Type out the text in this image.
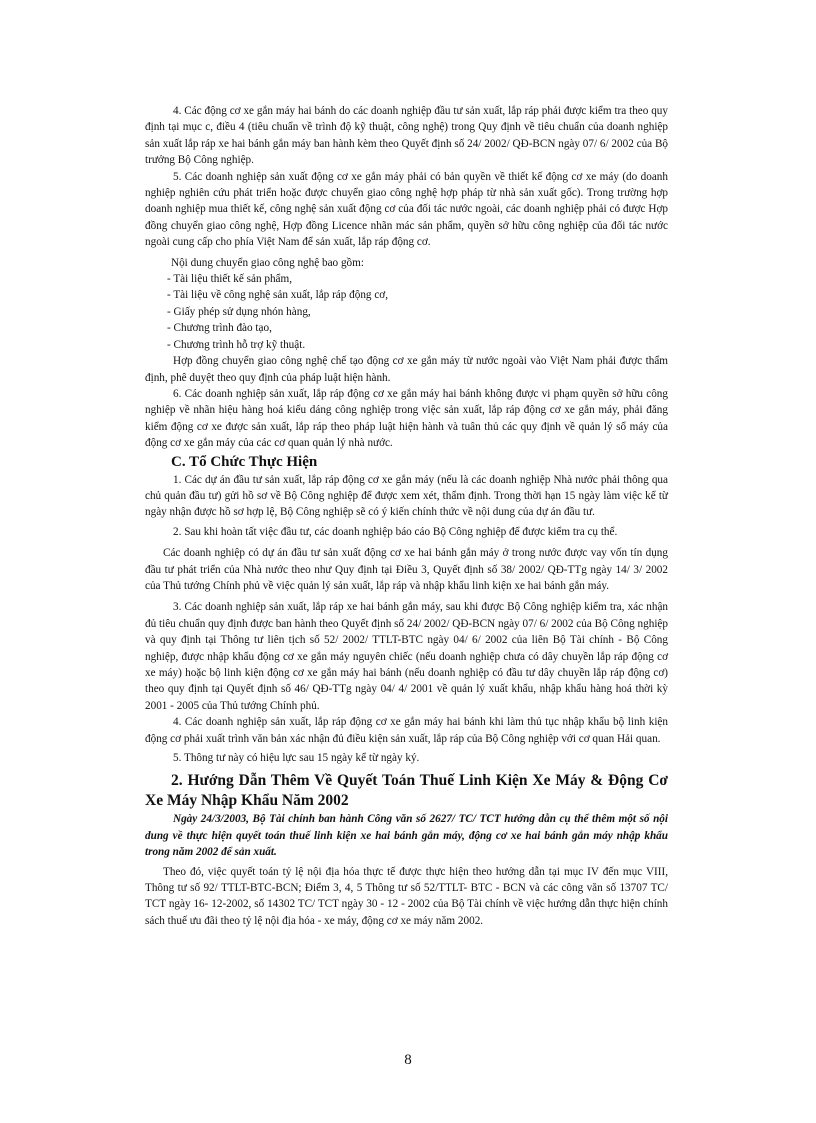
4. Các động cơ xe gắn máy hai bánh do các doanh nghiệp đầu tư sản xuất, lắp ráp phải được kiểm tra theo quy định tại mục c, điều 4 (tiêu chuẩn về trình độ kỹ thuật, công nghệ) trong Quy định về tiêu chuẩn của doanh nghiệp sản xuất lắp ráp xe hai bánh gắn máy ban hành kèm theo Quyết định số 24/ 2002/ QĐ-BCN ngày 07/ 6/ 2002 của Bộ trưởng Bộ Công nghiệp.

5. Các doanh nghiệp sản xuất động cơ xe gắn máy phải có bản quyền về thiết kế động cơ xe máy (do doanh nghiệp nghiên cứu phát triển hoặc được chuyển giao công nghệ hợp pháp từ nhà sản xuất gốc). Trong trường hợp doanh nghiệp mua thiết kế, công nghệ sản xuất động cơ của đối tác nước ngoài, các doanh nghiệp phải có được Hợp đồng chuyển giao công nghệ, Hợp đồng Licence nhãn mác sản phẩm, quyền sở hữu công nghiệp của đối tác nước ngoài cung cấp cho phía Việt Nam để sản xuất, lắp ráp động cơ.

Nội dung chuyển giao công nghệ bao gồm:

- Tài liệu thiết kế sản phẩm,

- Tài liệu về công nghệ sản xuất, lắp ráp động cơ,

- Giấy phép sử dụng nhón hàng,

- Chương trình đào tạo,

- Chương trình hỗ trợ kỹ thuật.

Hợp đồng chuyển giao công nghệ chế tạo động cơ xe gắn máy từ nước ngoài vào Việt Nam phải được thẩm định, phê duyệt theo quy định của pháp luật hiện hành.

6. Các doanh nghiệp sản xuất, lắp ráp động cơ xe gắn máy hai bánh không được vi phạm quyền sở hữu công nghiệp về nhãn hiệu hàng hoá kiểu dáng công nghiệp trong việc sản xuất, lắp ráp động cơ xe gắn máy, phải đăng kiểm động cơ xe được sản xuất, lắp ráp theo pháp luật hiện hành và tuân thủ các quy định về quản lý sổ máy của động cơ xe gắn máy của các cơ quan quản lý nhà nước.

C. Tổ Chức Thực Hiện

1. Các dự án đầu tư sản xuất, lắp ráp động cơ xe gắn máy (nếu là các doanh nghiệp Nhà nước phải thông qua chủ quản đầu tư) gửi hồ sơ về Bộ Công nghiệp để được xem xét, thẩm định. Trong thời hạn 15 ngày làm việc kể từ ngày nhận được hồ sơ hợp lệ, Bộ Công nghiệp sẽ có ý kiến chính thức về nội dung của dự án đầu tư.

2. Sau khi hoàn tất việc đầu tư, các doanh nghiệp báo cáo Bộ Công nghiệp để được kiểm tra cụ thể.

Các doanh nghiệp có dự án đầu tư sản xuất động cơ xe hai bánh gắn máy ở trong nước được vay vốn tín dụng đầu tư phát triển của Nhà nước theo như Quy định tại Điều 3, Quyết định số 38/ 2002/ QĐ-TTg ngày 14/ 3/ 2002 của Thủ tướng Chính phủ về việc quản lý sản xuất, lắp ráp và nhập khẩu linh kiện xe hai bánh gắn máy.

3. Các doanh nghiệp sản xuất, lắp ráp xe hai bánh gắn máy, sau khi được Bộ Công nghiệp kiểm tra, xác nhận đủ tiêu chuẩn quy định được ban hành theo Quyết định số 24/ 2002/ QĐ-BCN ngày 07/ 6/ 2002 của Bộ Công nghiệp và quy định tại Thông tư liên tịch số 52/ 2002/ TTLT-BTC ngày 04/ 6/ 2002 của liên Bộ Tài chính - Bộ Công nghiệp, được nhập khẩu động cơ xe gắn máy nguyên chiếc (nếu doanh nghiệp chưa có dây chuyền lắp ráp động cơ xe máy) hoặc bộ linh kiện động cơ xe gắn máy hai bánh (nếu doanh nghiệp có đầu tư dây chuyền lắp ráp động cơ) theo quy định tại Quyết định số 46/ QĐ-TTg ngày 04/ 4/ 2001 về quản lý xuất khẩu, nhập khẩu hàng hoá thời kỳ 2001 - 2005 của Thủ tướng Chính phủ.

4. Các doanh nghiệp sản xuất, lắp ráp động cơ xe gắn máy hai bánh khi làm thủ tục nhập khẩu bộ linh kiện động cơ phải xuất trình văn bản xác nhận đủ điều kiện sản xuất, lắp ráp của Bộ Công nghiệp với cơ quan Hải quan.

5. Thông tư này có hiệu lực sau 15 ngày kể từ ngày ký.

2. Hướng Dẫn Thêm Về Quyết Toán Thuế Linh Kiện Xe Máy & Động Cơ Xe Máy Nhập Khẩu Năm 2002

Ngày 24/3/2003, Bộ Tài chính ban hành Công văn số 2627/ TC/ TCT hướng dẫn cụ thể thêm một số nội dung về thực hiện quyết toán thuế linh kiện xe hai bánh gắn máy, động cơ xe hai bánh gắn máy nhập khẩu trong năm 2002 để sản xuất.

Theo đó, việc quyết toán tỷ lệ nội địa hóa thực tế được thực hiện theo hướng dẫn tại mục IV đến mục VIII, Thông tư số 92/ TTLT-BTC-BCN; Điểm 3, 4, 5 Thông tư số 52/TTLT- BTC - BCN và các công văn số 13707 TC/ TCT ngày 16- 12-2002, số 14302 TC/ TCT ngày 30 - 12 - 2002 của Bộ Tài chính về việc hướng dẫn thực hiện chính sách thuế ưu đãi theo tỷ lệ nội địa hóa - xe máy, động cơ xe máy năm 2002.

8
